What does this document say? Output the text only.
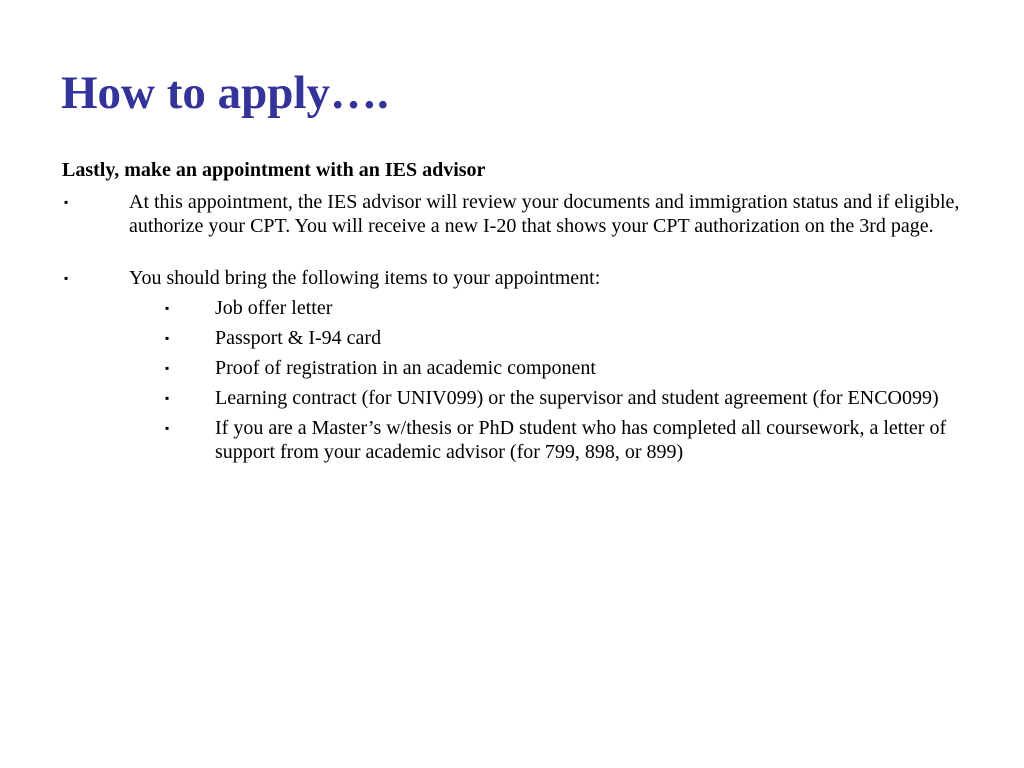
How to apply….

Lastly, make an appointment with an IES advisor

▪	At this appointment, the IES advisor will review your documents and immigration status and if eligible, authorize your CPT. You will receive a new I-20 that shows your CPT authorization on the 3rd page.

▪	You should bring the following items to your appointment:

▪ Job offer letter

▪ Passport & I-94 card

▪ Proof of registration in an academic component

▪ Learning contract (for UNIV099) or the supervisor and student agreement (for ENCO099)

▪ If you are a Master’s w/thesis or PhD student who has completed all coursework, a letter of support from your academic advisor (for 799, 898, or 899)
